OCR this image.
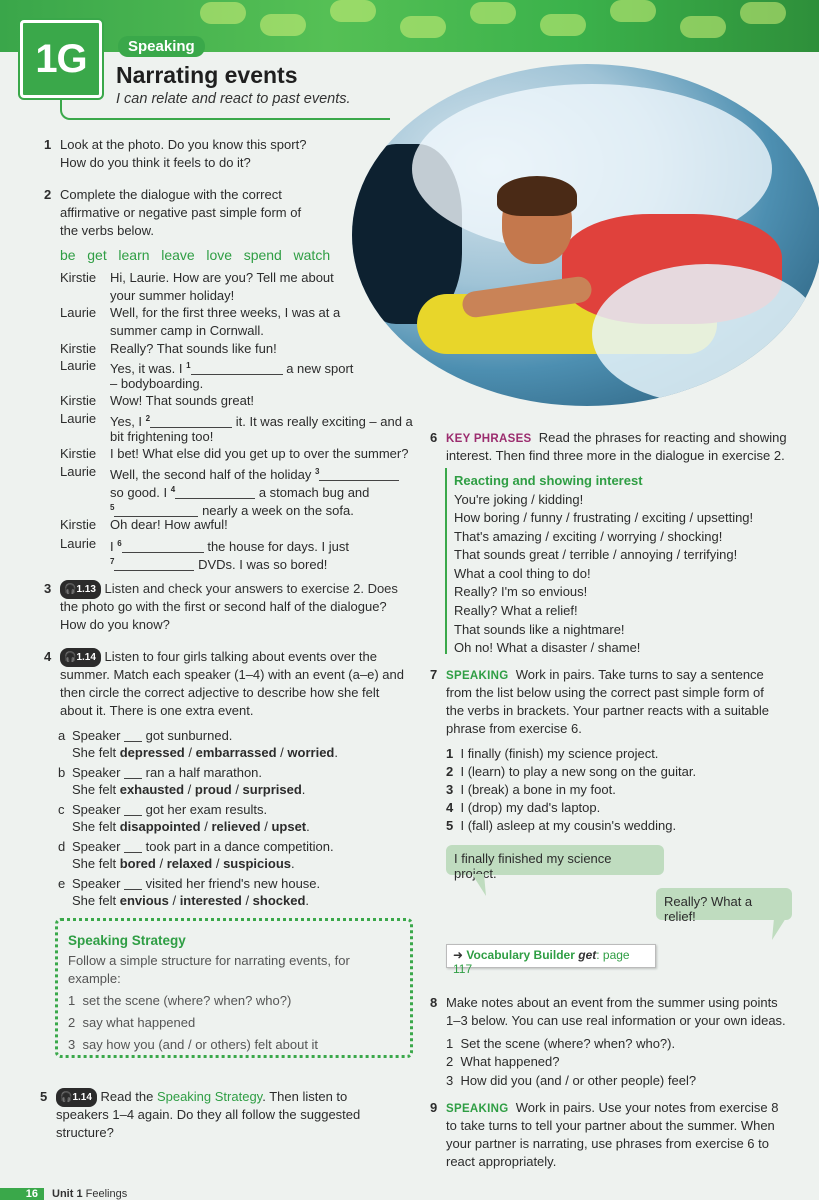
1G	Speaking
Narrating events
I can relate and react to past events.
1 Look at the photo. Do you know this sport?
How do you think it feels to do it?
2 Complete the dialogue with the correct
affirmative or negative past simple form of
the verbs below.
be get learn leave love spend watch
Kirstie Hi, Laurie. How are you? Tell me about
your summer holiday!
Laurie Well, for the first three weeks, I was at a
summer camp in Cornwall.
Kirstie Really? That sounds like fun!
Laurie Yes, it was. I $^1$	a new sport
– bodyboarding.
Kirstie Wow! That sounds great!
Laurie Yes, I $^2$	it. It was really exciting – and a
bit frightening too!
Kirstie I bet! What else did you get up to over the summer?
Laurie Well, the second half of the holiday $^3$
so good. I $^4$	a stomach bug and
$^5$	nearly a week on the sofa.
Kirstie Oh dear! How awful!
Laurie I $^6$	the house for days. I just
$^7$	DVDs. I was so bored!
3	🎧1.13 Listen and check your answers to exercise 2. Does
the photo go with the first or second half of the dialogue?
How do you know?
4	🎧1.14 Listen to four girls talking about events over the
summer. Match each speaker (1–4) with an event (a–e) and
then circle the correct adjective to describe how she felt
about it. There is one extra event.
a Speaker got sunburned.
She felt depressed / embarrassed / worried.
b Speaker ran a half marathon.
She felt exhausted / proud / surprised.
c Speaker got her exam results.
She felt disappointed / relieved / upset.
d Speaker took part in a dance competition.
She felt bored / relaxed / suspicious.
e Speaker visited her friend's new house.
She felt envious / interested / shocked.
Speaking Strategy
Follow a simple structure for narrating events, for
example:
1 set the scene (where? when? who?)
2 say what happened
3 say how you (and / or others) felt about it
5	🎧1.14 Read the Speaking Strategy. Then listen to
speakers 1–4 again. Do they all follow the suggested
structure?
6 KEY PHRASES Read the phrases for reacting and showing
interest. Then find three more in the dialogue in exercise 2.
Reacting and showing interest
You're joking / kidding!
How boring / funny / frustrating / exciting / upsetting!
That's amazing / exciting / worrying / shocking!
That sounds great / terrible / annoying / terrifying!
What a cool thing to do!
Really? I'm so envious!
Really? What a relief!
That sounds like a nightmare!
Oh no! What a disaster / shame!
7 SPEAKING Work in pairs. Take turns to say a sentence
from the list below using the correct past simple form of
the verbs in brackets. Your partner reacts with a suitable
phrase from exercise 6.
1 I finally (finish) my science project.
2 I (learn) to play a new song on the guitar.
3 I (break) a bone in my foot.
4 I (drop) my dad's laptop.
5 I (fall) asleep at my cousin's wedding.
I finally finished my science project.
Really? What a relief!
➜ Vocabulary Builder get: page 117
8 Make notes about an event from the summer using points
1–3 below. You can use real information or your own ideas.
1 Set the scene (where? when? who?).
2 What happened?
3 How did you (and / or other people) feel?
9 SPEAKING Work in pairs. Use your notes from exercise 8
to take turns to tell your partner about the summer. When
your partner is narrating, use phrases from exercise 6 to
react appropriately.
16	Unit 1 Feelings
